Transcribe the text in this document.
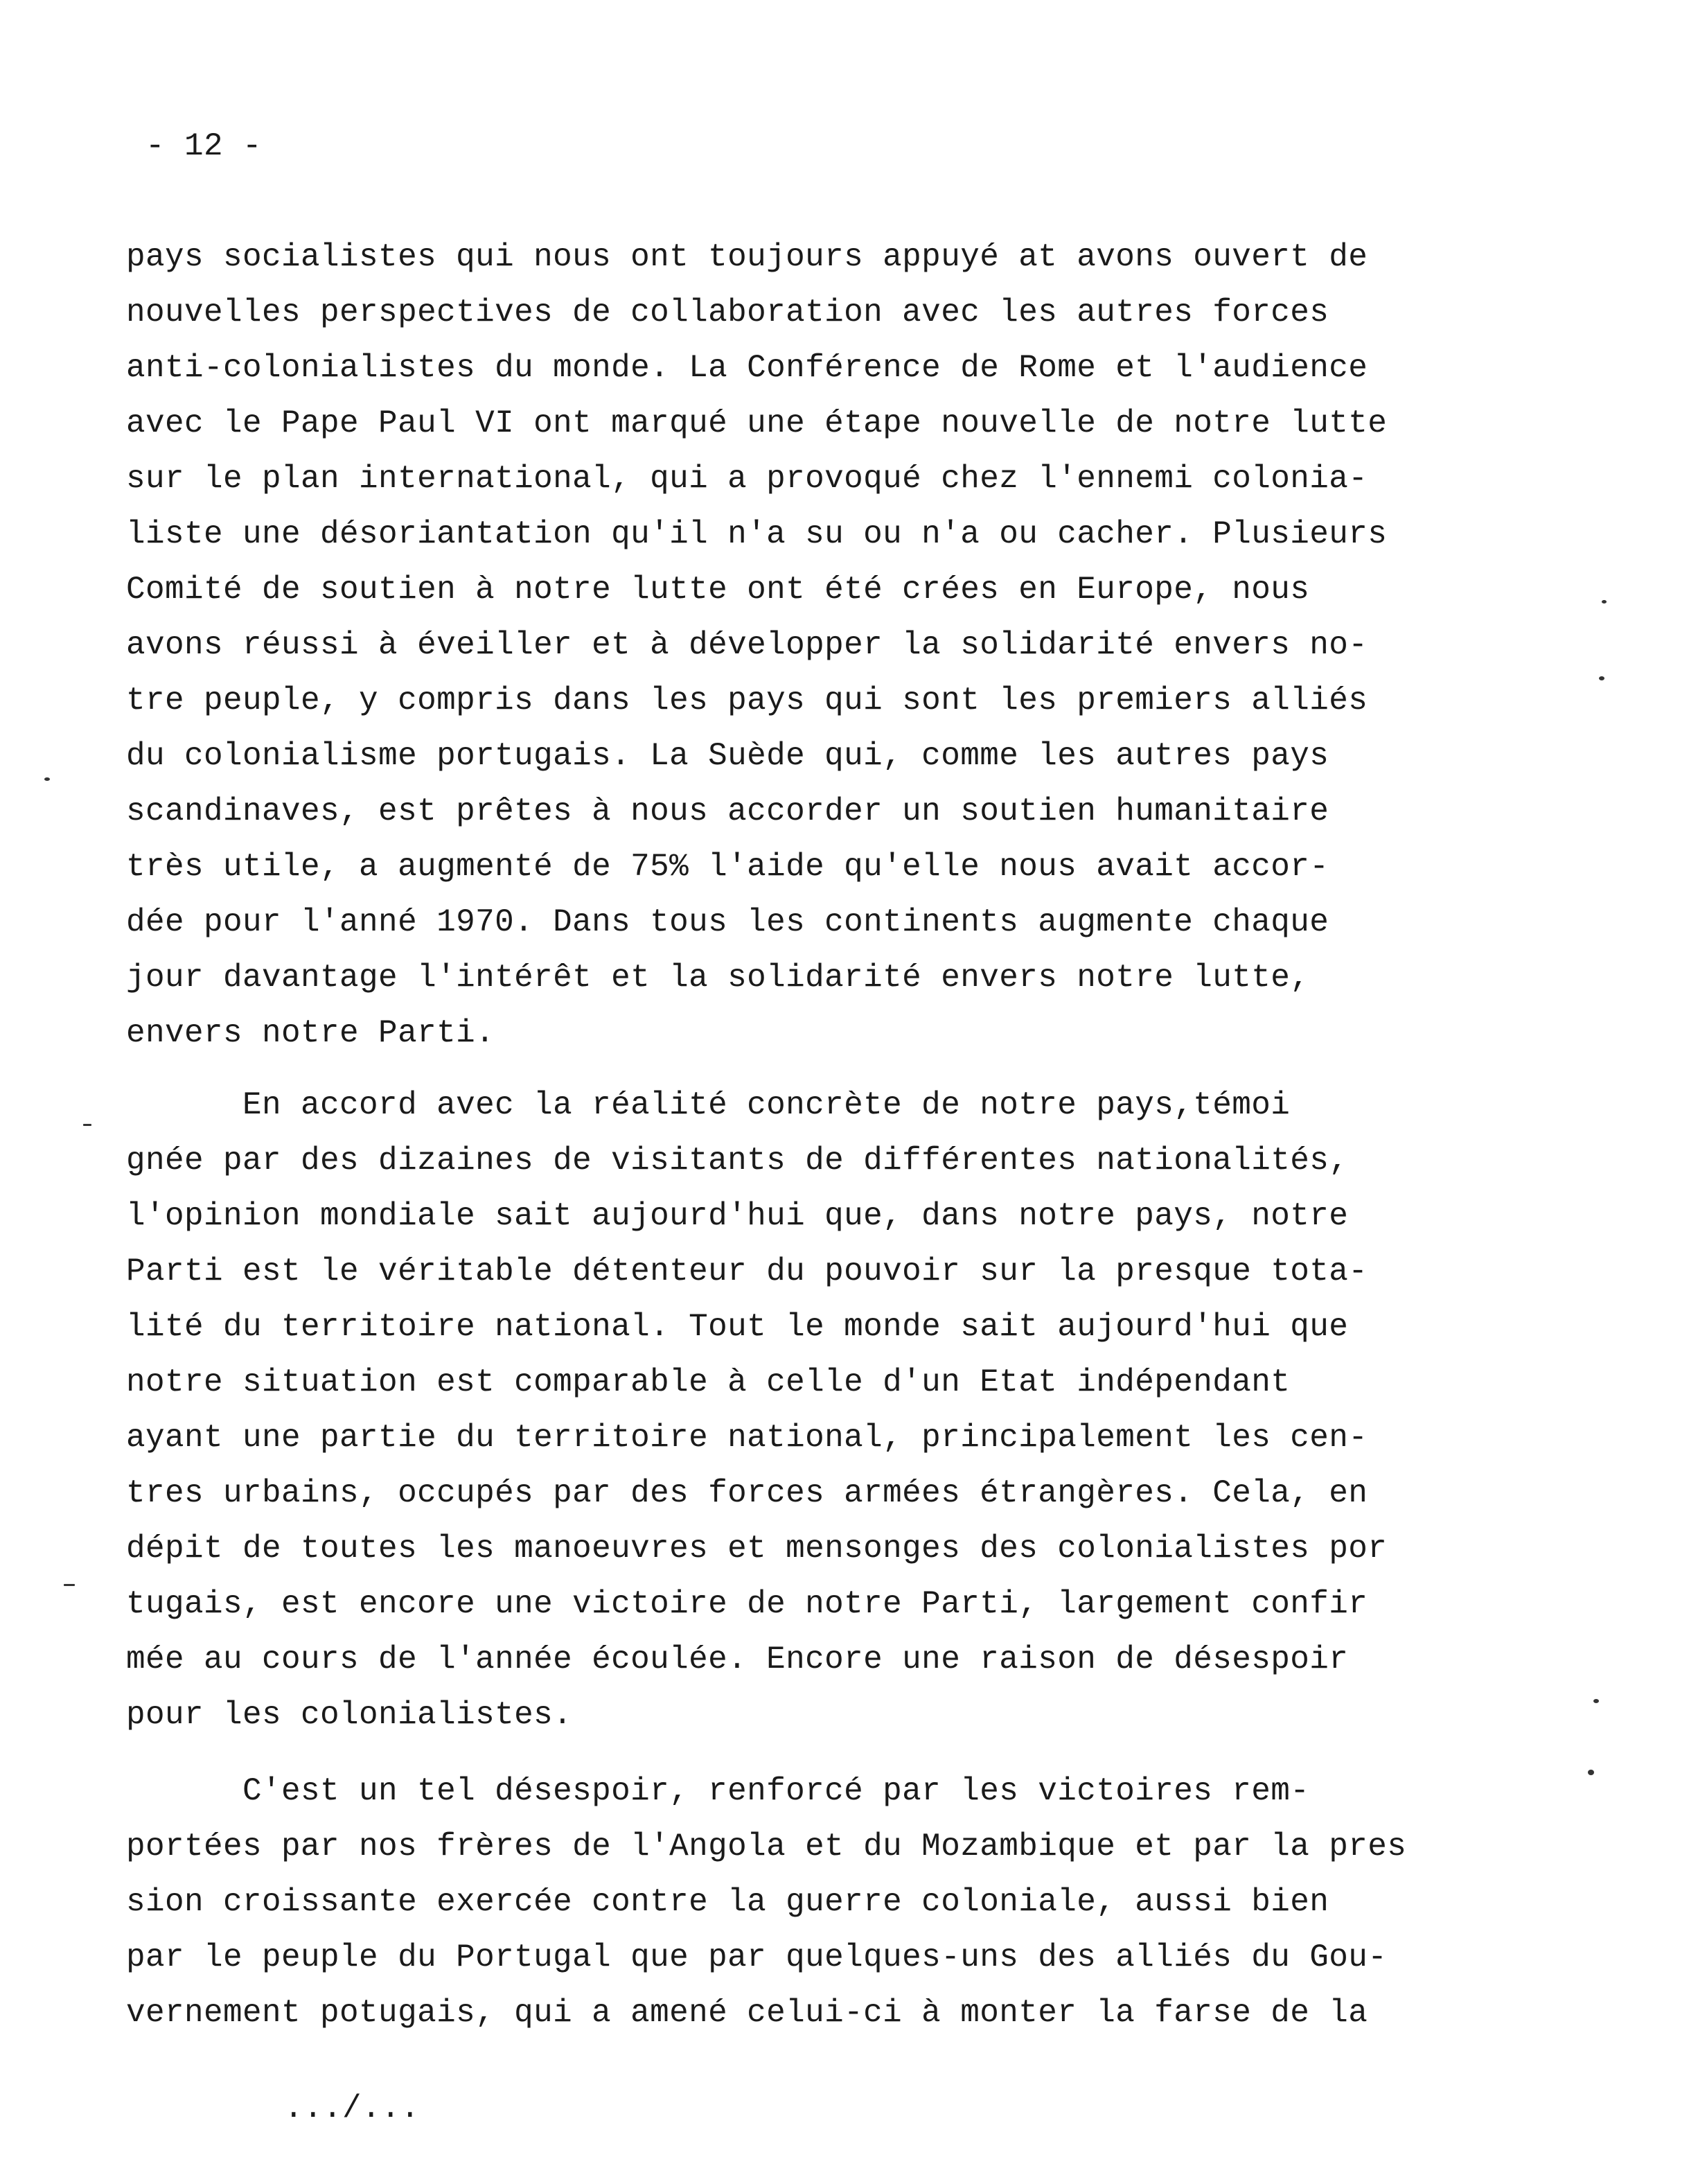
- 12 -
pays socialistes qui nous ont toujours appuyé at avons ouvert de
nouvelles perspectives de collaboration avec les autres forces
anti-colonialistes du monde. La Conférence de Rome et l'audience
avec le Pape Paul VI ont marqué une étape nouvelle de notre lutte
sur le plan international, qui a provoqué chez l'ennemi colonia-
liste une désoriantation qu'il n'a su ou n'a ou cacher. Plusieurs
Comité de soutien à notre lutte ont été crées en Europe, nous
avons réussi à éveiller et à développer la solidarité envers no-
tre peuple, y compris dans les pays qui sont les premiers alliés
du colonialisme portugais. La Suède qui, comme les autres pays
scandinaves, est prêtes à nous accorder un soutien humanitaire
très utile, a augmenté de 75% l'aide qu'elle nous avait accor-
dée pour l'anné 1970. Dans tous les continents augmente chaque
jour davantage l'intérêt et la solidarité envers notre lutte,
envers notre Parti.
En accord avec la réalité concrète de notre pays,témoi
gnée par des dizaines de visitants de différentes nationalités,
l'opinion mondiale sait aujourd'hui que, dans notre pays, notre
Parti est le véritable détenteur du pouvoir sur la presque tota-
lité du territoire national. Tout le monde sait aujourd'hui que
notre situation est comparable à celle d'un Etat indépendant
ayant une partie du territoire national, principalement les cen-
tres urbains, occupés par des forces armées étrangères. Cela, en
dépit de toutes les manoeuvres et mensonges des colonialistes por
tugais, est encore une victoire de notre Parti, largement confir
mée au cours de l'année écoulée. Encore une raison de désespoir
pour les colonialistes.
C'est un tel désespoir, renforcé par les victoires rem-
portées par nos frères de l'Angola et du Mozambique et par la pres
sion croissante exercée contre la guerre coloniale, aussi bien
par le peuple du Portugal que par quelques-uns des alliés du Gou-
vernement potugais, qui a amené celui-ci à monter la farse de la
.../...
